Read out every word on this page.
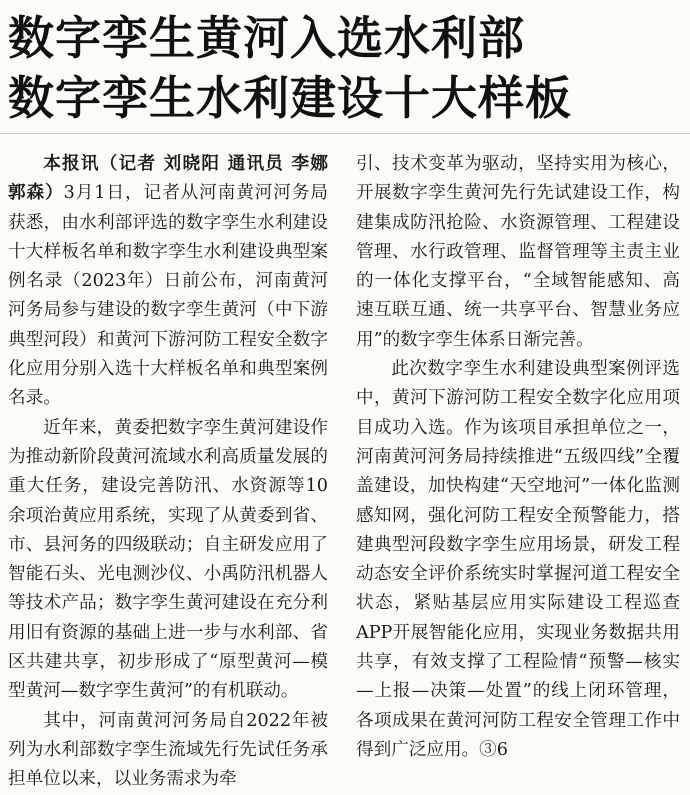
数字孪生黄河入选水利部
数字孪生水利建设十大样板

本报讯（记者 刘晓阳 通讯员 李娜 郭森）3月1日，记者从河南黄河河务局获悉，由水利部评选的数字孪生水利建设十大样板名单和数字孪生水利建设典型案例名录（2023年）日前公布，河南黄河河务局参与建设的数字孪生黄河（中下游典型河段）和黄河下游河防工程安全数字化应用分别入选十大样板名单和典型案例名录。

近年来，黄委把数字孪生黄河建设作为推动新阶段黄河流域水利高质量发展的重大任务，建设完善防汛、水资源等10余项治黄应用系统，实现了从黄委到省、市、县河务的四级联动；自主研发应用了智能石头、光电测沙仪、小禹防汛机器人等技术产品；数字孪生黄河建设在充分利用旧有资源的基础上进一步与水利部、省区共建共享，初步形成了“原型黄河—模型黄河—数字孪生黄河”的有机联动。

其中，河南黄河河务局自2022年被列为水利部数字孪生流域先行先试任务承担单位以来，以业务需求为牵

引、技术变革为驱动，坚持实用为核心，开展数字孪生黄河先行先试建设工作，构建集成防汛抢险、水资源管理、工程建设管理、水行政管理、监督管理等主责主业的一体化支撑平台，“全域智能感知、高速互联互通、统一共享平台、智慧业务应用”的数字孪生体系日渐完善。

此次数字孪生水利建设典型案例评选中，黄河下游河防工程安全数字化应用项目成功入选。作为该项目承担单位之一，河南黄河河务局持续推进“五级四线”全覆盖建设，加快构建“天空地河”一体化监测感知网，强化河防工程安全预警能力，搭建典型河段数字孪生应用场景，研发工程动态安全评价系统实时掌握河道工程安全状态，紧贴基层应用实际建设工程巡查APP开展智能化应用，实现业务数据共用共享，有效支撑了工程险情“预警—核实—上报—决策—处置”的线上闭环管理，各项成果在黄河河防工程安全管理工作中得到广泛应用。③6
